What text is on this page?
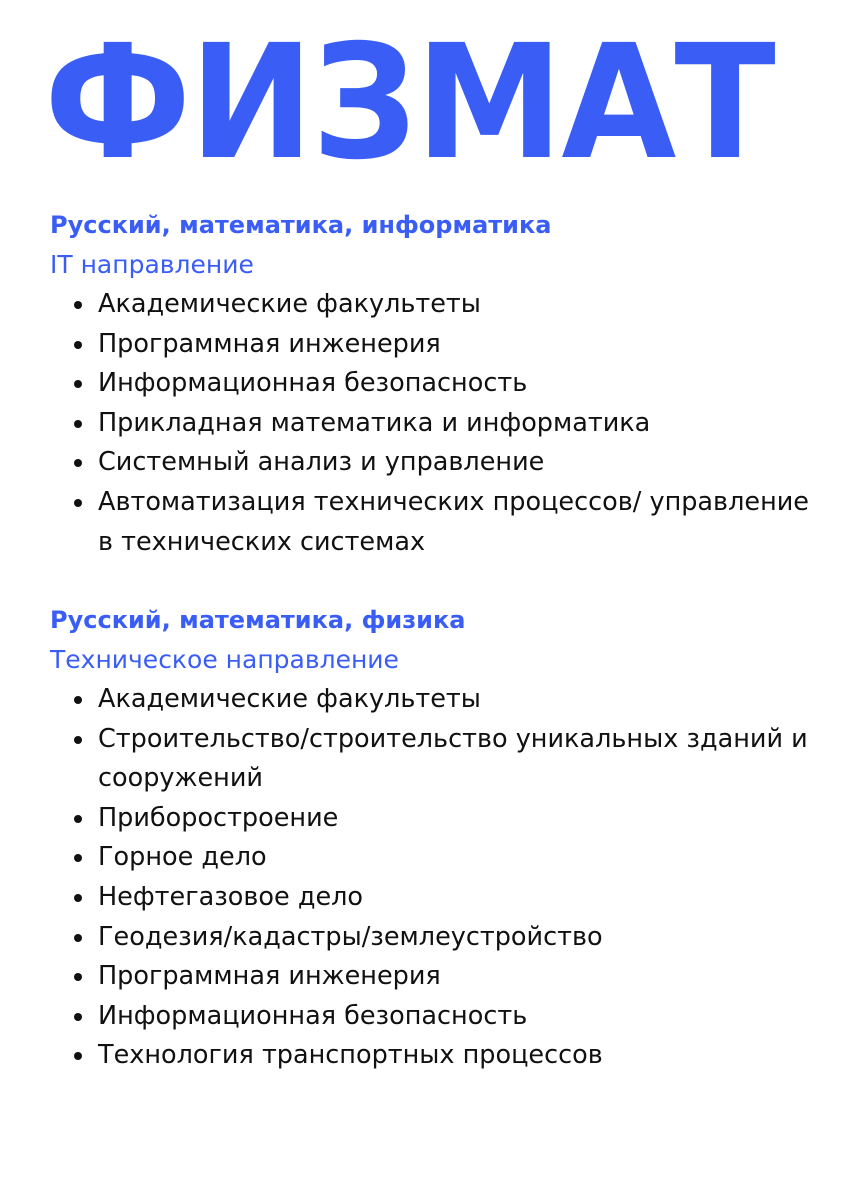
ФИЗМАТ

Русский, математика, информатика

IT направление

Академические факультеты
Программная инженерия
Информационная безопасность
Прикладная математика и информатика
Системный анализ и управление
Автоматизация технических процессов/ управление в технических системах

Русский, математика, физика

Техническое направление

Академические факультеты
Строительство/строительство уникальных зданий и сооружений
Приборостроение
Горное дело
Нефтегазовое дело
Геодезия/кадастры/землеустройство
Программная инженерия
Информационная безопасность
Технология транспортных процессов
